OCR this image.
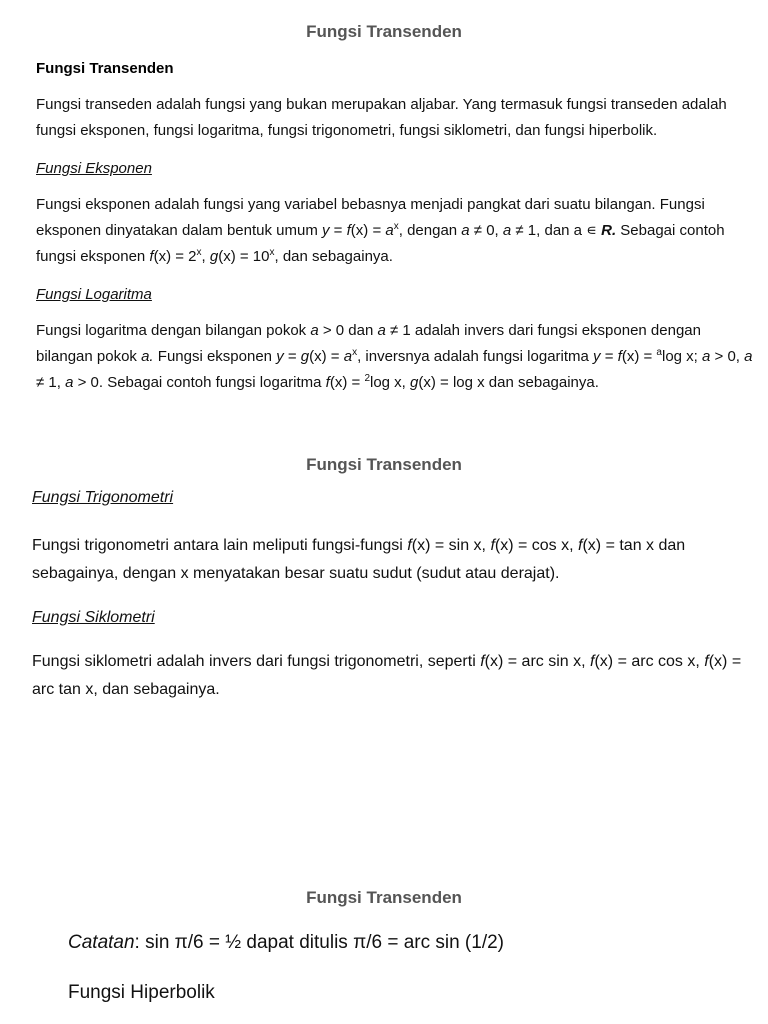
Fungsi Transenden
Fungsi Transenden
Fungsi transeden adalah fungsi yang bukan merupakan aljabar. Yang termasuk fungsi transeden adalah fungsi eksponen, fungsi logaritma, fungsi trigonometri, fungsi siklometri, dan fungsi hiperbolik.
Fungsi Eksponen
Fungsi eksponen adalah fungsi yang variabel bebasnya menjadi pangkat dari suatu bilangan. Fungsi eksponen dinyatakan dalam bentuk umum $y = f(x) = a^x$, dengan a ≠ 0, a ≠ 1, dan a ∊ R. Sebagai contoh fungsi eksponen $f(x) = 2^x$, $g(x) = 10^x$, dan sebagainya.
Fungsi Logaritma
Fungsi logaritma dengan bilangan pokok a > 0 dan a ≠ 1 adalah invers dari fungsi eksponen dengan bilangan pokok a. Fungsi eksponen $y = g(x) = a^x$, inversnya adalah fungsi logaritma y = f(x) = $^a$log x; a > 0, a ≠ 1, a > 0. Sebagai contoh fungsi logaritma f(x) = $^2$log x, g(x) = log x dan sebagainya.
Fungsi Transenden
Fungsi Trigonometri
Fungsi trigonometri antara lain meliputi fungsi-fungsi f(x) = sin x, f(x) = cos x, f(x) = tan x dan sebagainya, dengan x menyatakan besar suatu sudut (sudut atau derajat).
Fungsi Siklometri
Fungsi siklometri adalah invers dari fungsi trigonometri, seperti f(x) = arc sin x, f(x) = arc cos x, f(x) = arc tan x, dan sebagainya.
Fungsi Transenden
Catatan: sin π/6 = ½ dapat ditulis π/6 = arc sin (1/2)
Fungsi Hiperbolik
